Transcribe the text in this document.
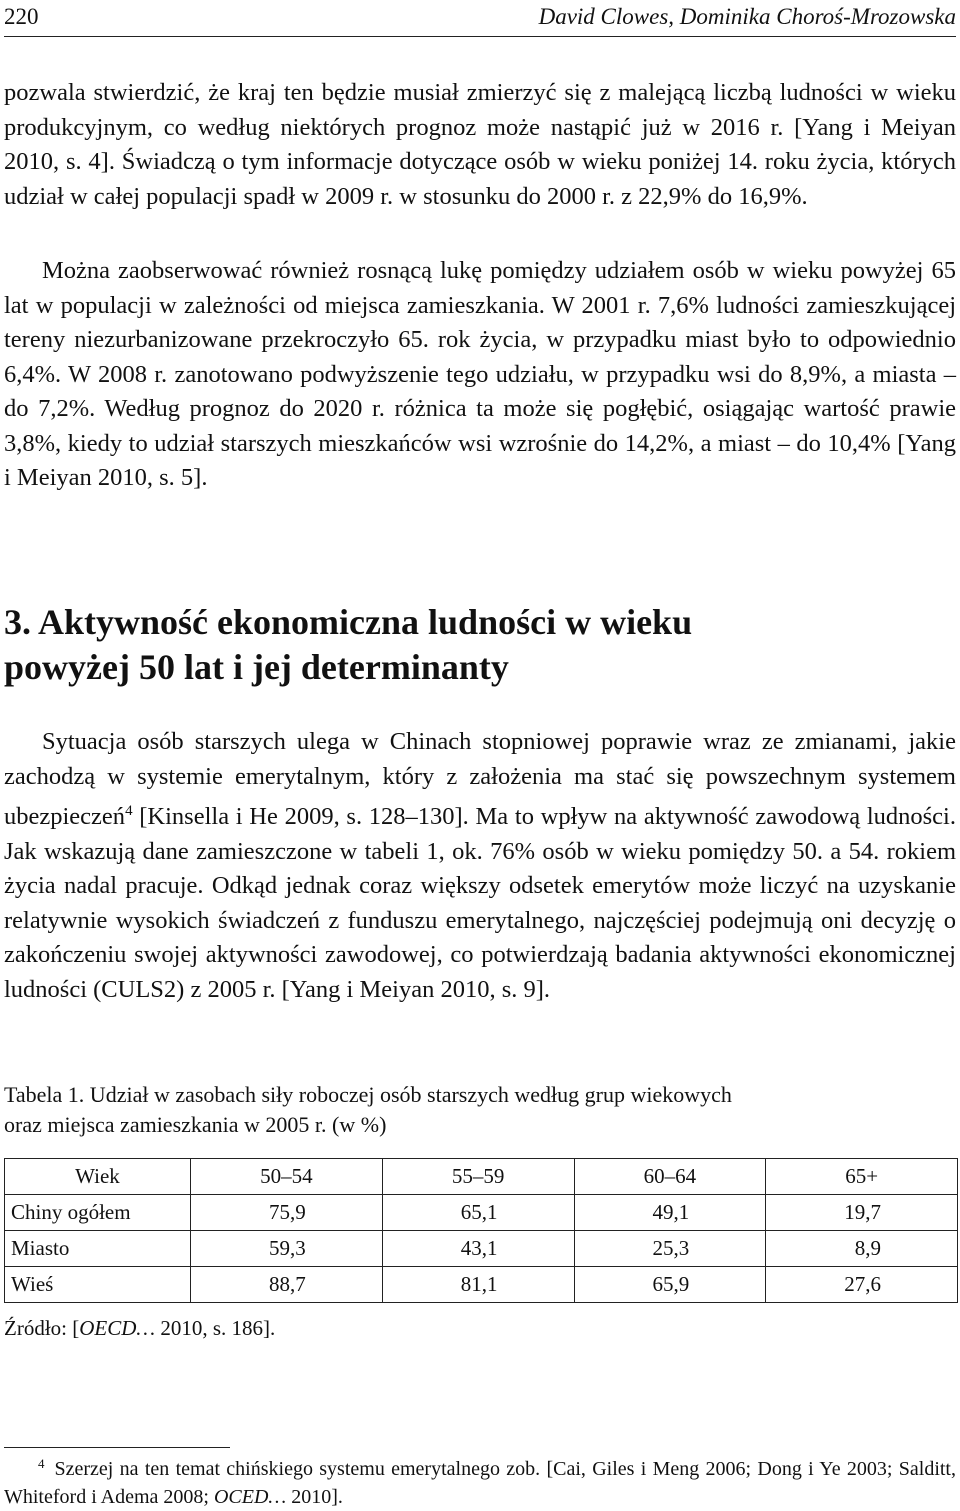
220	David Clowes, Dominika Choroś-Mrozowska

pozwala stwierdzić, że kraj ten będzie musiał zmierzyć się z malejącą liczbą ludności w wieku produkcyjnym, co według niektórych prognoz może nastąpić już w 2016 r. [Yang i Meiyan 2010, s. 4]. Świadczą o tym informacje dotyczące osób w wieku poniżej 14. roku życia, których udział w całej populacji spadł w 2009 r. w stosunku do 2000 r. z 22,9% do 16,9%.

Można zaobserwować również rosnącą lukę pomiędzy udziałem osób w wieku powyżej 65 lat w populacji w zależności od miejsca zamieszkania. W 2001 r. 7,6% ludności zamieszkującej tereny niezurbanizowane przekroczyło 65. rok życia, w przypadku miast było to odpowiednio 6,4%. W 2008 r. zanotowano podwyższenie tego udziału, w przypadku wsi do 8,9%, a miasta – do 7,2%. Według prognoz do 2020 r. różnica ta może się pogłębić, osiągając wartość prawie 3,8%, kiedy to udział starszych mieszkańców wsi wzrośnie do 14,2%, a miast – do 10,4% [Yang i Meiyan 2010, s. 5].

3. Aktywność ekonomiczna ludności w wieku
powyżej 50 lat i jej determinanty

Sytuacja osób starszych ulega w Chinach stopniowej poprawie wraz ze zmianami, jakie zachodzą w systemie emerytalnym, który z założenia ma stać się powszechnym systemem ubezpieczeń$^4$ [Kinsella i He 2009, s. 128–130]. Ma to wpływ na aktywność zawodową ludności. Jak wskazują dane zamieszczone w tabeli 1, ok. 76% osób w wieku pomiędzy 50. a 54. rokiem życia nadal pracuje. Odkąd jednak coraz większy odsetek emerytów może liczyć na uzyskanie relatywnie wysokich świadczeń z funduszu emerytalnego, najczęściej podejmują oni decyzję o zakończeniu swojej aktywności zawodowej, co potwierdzają badania aktywności ekonomicznej ludności (CULS2) z 2005 r. [Yang i Meiyan 2010, s. 9].

Tabela 1. Udział w zasobach siły roboczej osób starszych według grup wiekowych
oraz miejsca zamieszkania w 2005 r. (w %)

Wiek	50–54	55–59	60–64	65+
Chiny ogółem	75,9	65,1	49,1	19,7
Miasto	59,3	43,1	25,3	8,9
Wieś	88,7	81,1	65,9	27,6
Źródło: [OECD… 2010, s. 186].

$^4$ Szerzej na ten temat chińskiego systemu emerytalnego zob. [Cai, Giles i Meng 2006; Dong i Ye 2003; Salditt, Whiteford i Adema 2008; OCED… 2010].
